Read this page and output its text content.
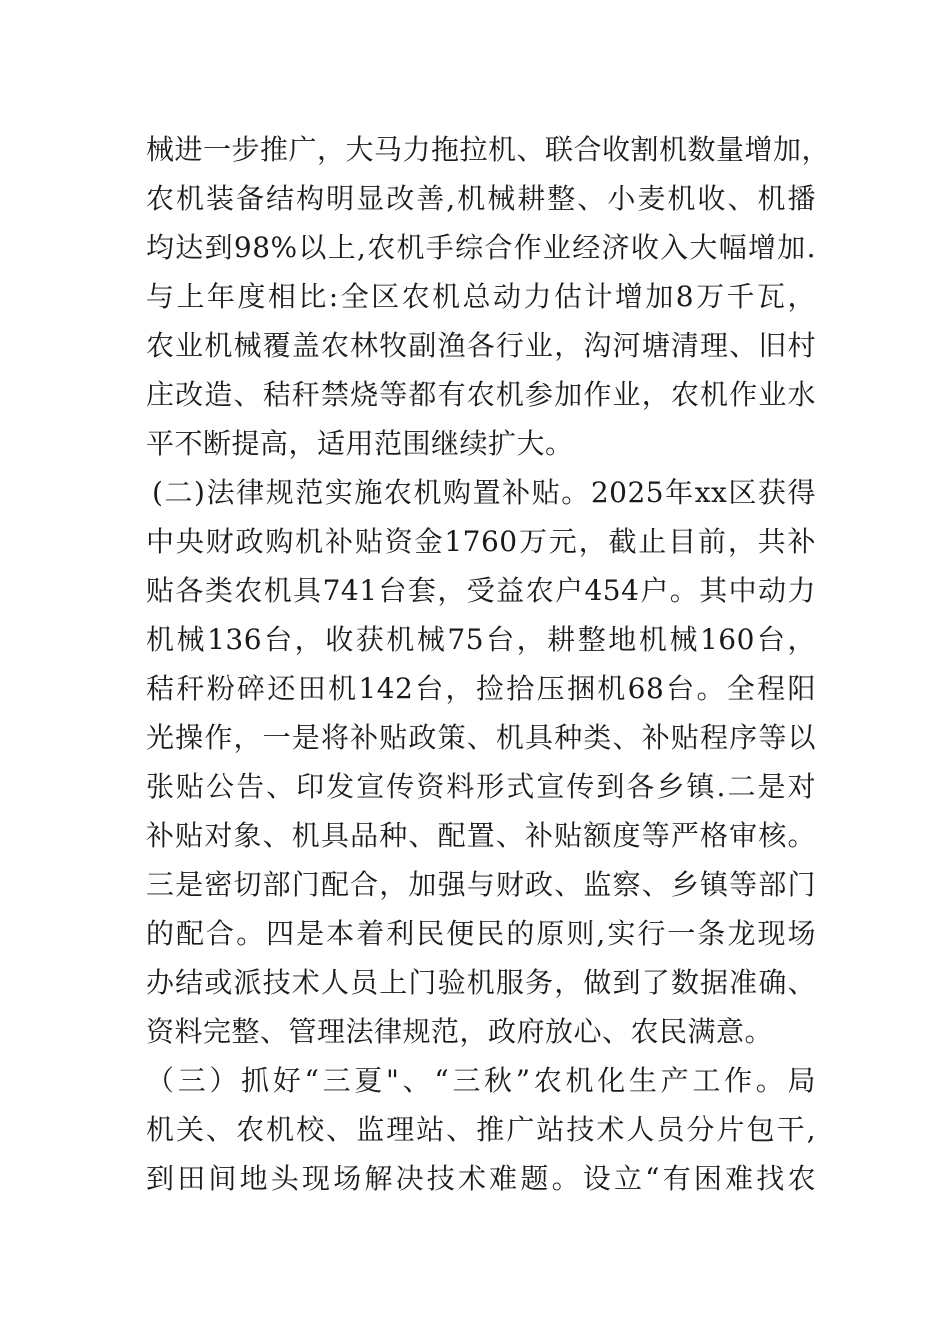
械进一步推广，大马力拖拉机、联合收割机数量增加，
农机装备结构明显改善,机械耕整、小麦机收、机播
均达到98%以上,农机手综合作业经济收入大幅增加.
与上年度相比:全区农机总动力估计增加8万千瓦，
农业机械覆盖农林牧副渔各行业，沟河塘清理、旧村
庄改造、秸秆禁烧等都有农机参加作业，农机作业水
平不断提高，适用范围继续扩大。
(二)法律规范实施农机购置补贴。2025年xx区获得
中央财政购机补贴资金1760万元，截止目前，共补
贴各类农机具741台套，受益农户454户。其中动力
机械136台，收获机械75台，耕整地机械160台，
秸秆粉碎还田机142台，捡拾压捆机68台。全程阳
光操作，一是将补贴政策、机具种类、补贴程序等以
张贴公告、印发宣传资料形式宣传到各乡镇.二是对
补贴对象、机具品种、配置、补贴额度等严格审核。
三是密切部门配合，加强与财政、监察、乡镇等部门
的配合。四是本着利民便民的原则,实行一条龙现场
办结或派技术人员上门验机服务，做到了数据准确、
资料完整、管理法律规范，政府放心、农民满意。
（三）抓好“三夏"、“三秋”农机化生产工作。局
机关、农机校、监理站、推广站技术人员分片包干,
到田间地头现场解决技术难题。设立“有困难找农
